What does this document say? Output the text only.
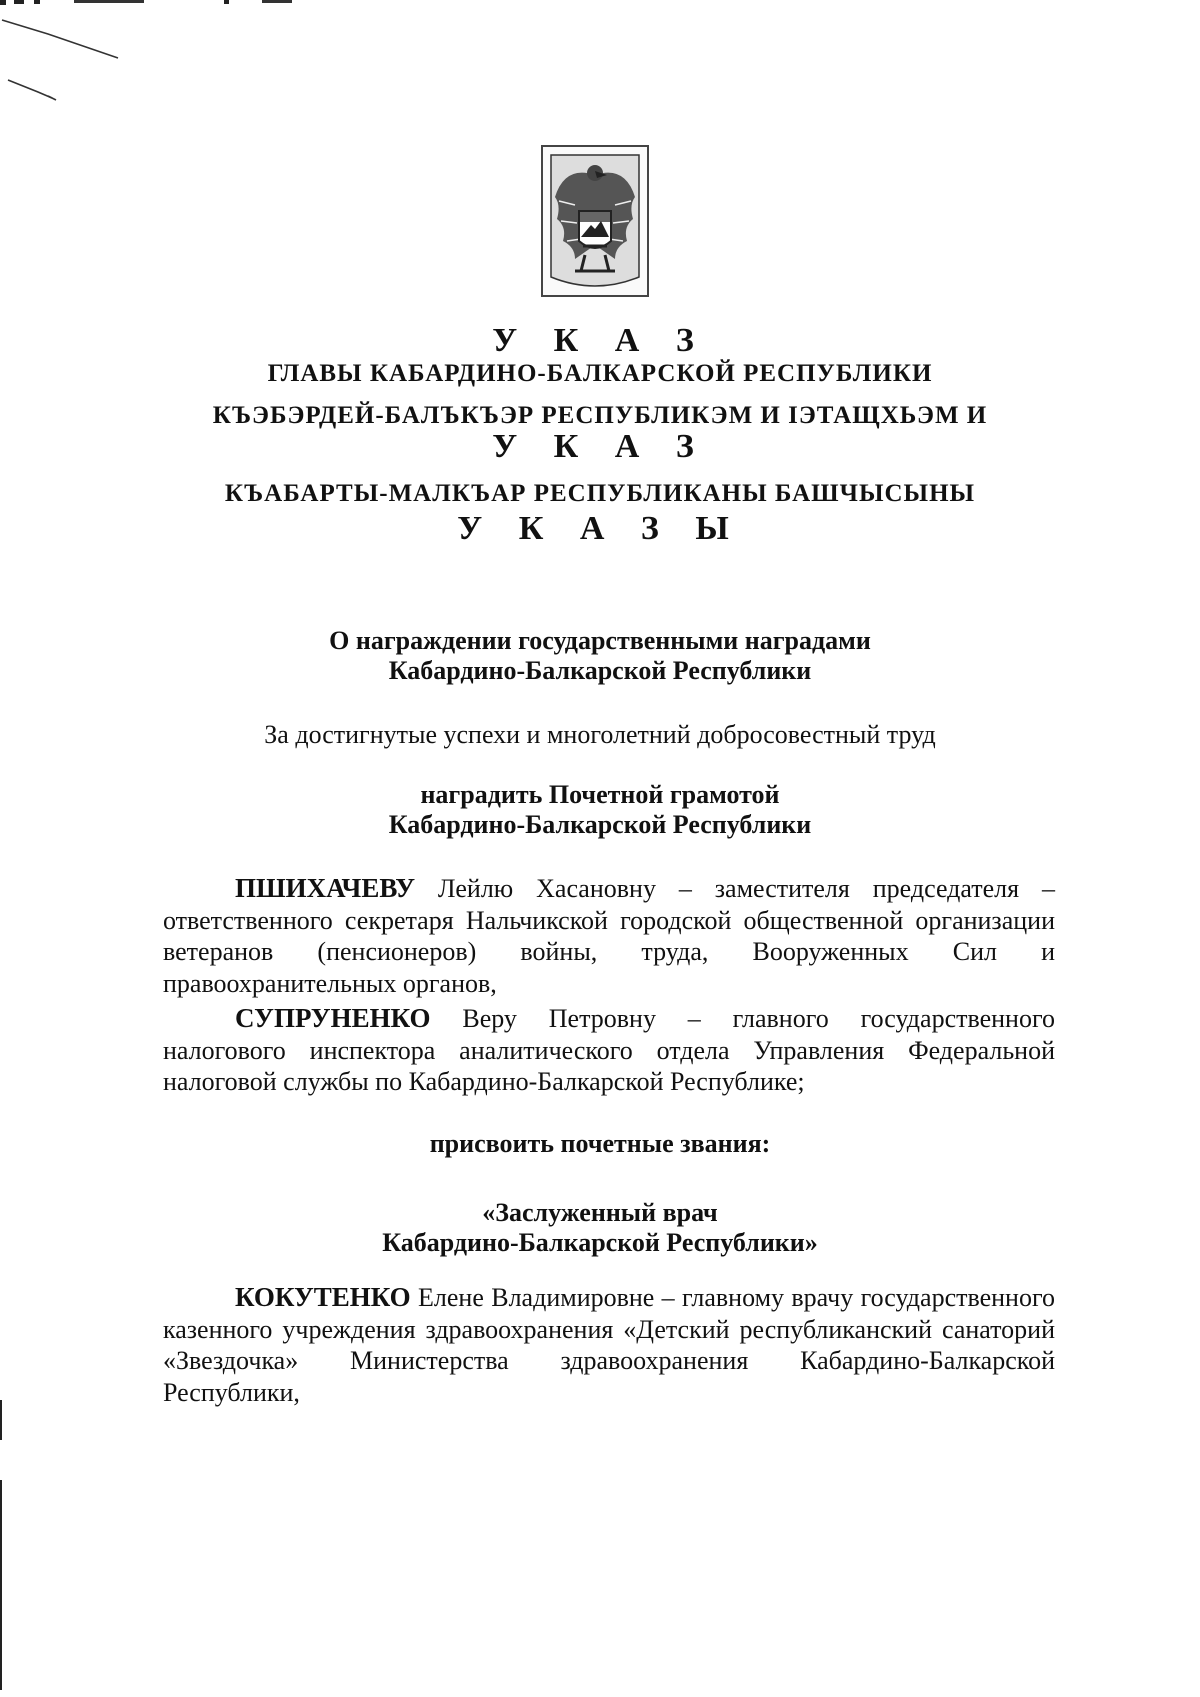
У К А З
ГЛАВЫ КАБАРДИНО-БАЛКАРСКОЙ РЕСПУБЛИКИ
КЪЭБЭРДЕЙ-БАЛЪКЪЭР РЕСПУБЛИКЭМ И ІЭТАЩХЬЭМ И
У К А З
КЪАБАРТЫ-МАЛКЪАР РЕСПУБЛИКАНЫ БАШЧЫСЫНЫ
У К А З Ы
О награждении государственными наградами
Кабардино-Балкарской Республики
За достигнутые успехи и многолетний добросовестный труд
наградить Почетной грамотой
Кабардино-Балкарской Республики
ПШИХАЧЕВУ Лейлю Хасановну – заместителя председателя – ответственного секретаря Нальчикской городской общественной организации ветеранов (пенсионеров) войны, труда, Вооруженных Сил и правоохранительных органов,
СУПРУНЕНКО Веру Петровну – главного государственного налогового инспектора аналитического отдела Управления Федеральной налоговой службы по Кабардино-Балкарской Республике;
присвоить почетные звания:
«Заслуженный врач
Кабардино-Балкарской Республики»
КОКУТЕНКО Елене Владимировне – главному врачу государственного казенного учреждения здравоохранения «Детский республиканский санаторий «Звездочка» Министерства здравоохранения Кабардино-Балкарской Республики,
